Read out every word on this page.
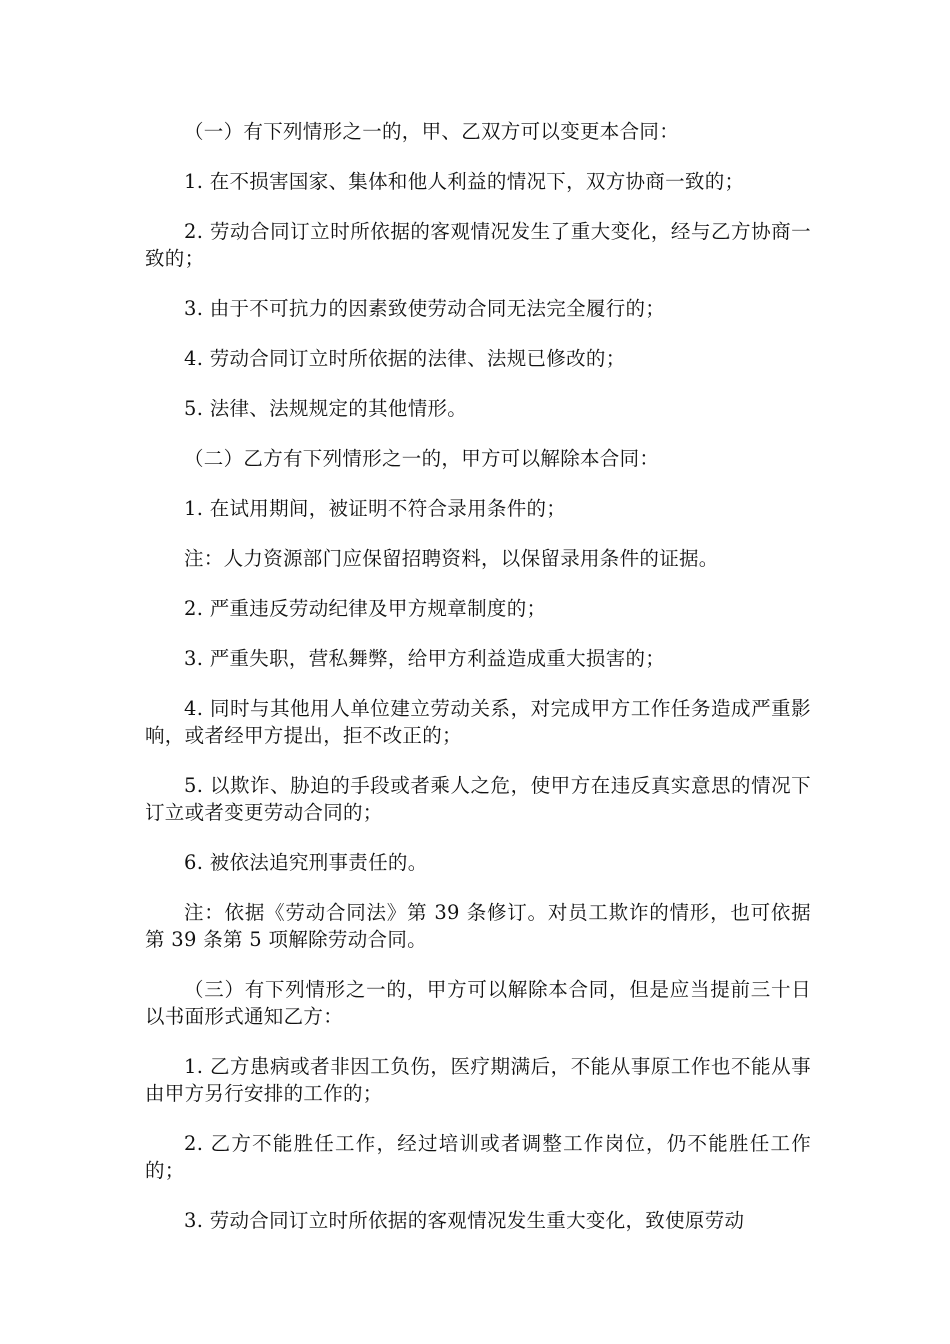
（一）有下列情形之一的，甲、乙双方可以变更本合同：

1. 在不损害国家、集体和他人利益的情况下，双方协商一致的；

2. 劳动合同订立时所依据的客观情况发生了重大变化，经与乙方协商一致的；

3. 由于不可抗力的因素致使劳动合同无法完全履行的；

4. 劳动合同订立时所依据的法律、法规已修改的；

5. 法律、法规规定的其他情形。

（二）乙方有下列情形之一的，甲方可以解除本合同：

1. 在试用期间，被证明不符合录用条件的；

注：人力资源部门应保留招聘资料，以保留录用条件的证据。

2. 严重违反劳动纪律及甲方规章制度的；

3. 严重失职，营私舞弊，给甲方利益造成重大损害的；

4. 同时与其他用人单位建立劳动关系，对完成甲方工作任务造成严重影响，或者经甲方提出，拒不改正的；

5. 以欺诈、胁迫的手段或者乘人之危，使甲方在违反真实意思的情况下订立或者变更劳动合同的；

6. 被依法追究刑事责任的。

注：依据《劳动合同法》第 39 条修订。对员工欺诈的情形，也可依据第 39 条第 5 项解除劳动合同。

（三）有下列情形之一的，甲方可以解除本合同，但是应当提前三十日以书面形式通知乙方：

1. 乙方患病或者非因工负伤，医疗期满后，不能从事原工作也不能从事由甲方另行安排的工作的；

2. 乙方不能胜任工作，经过培训或者调整工作岗位，仍不能胜任工作的；

3. 劳动合同订立时所依据的客观情况发生重大变化，致使原劳动
